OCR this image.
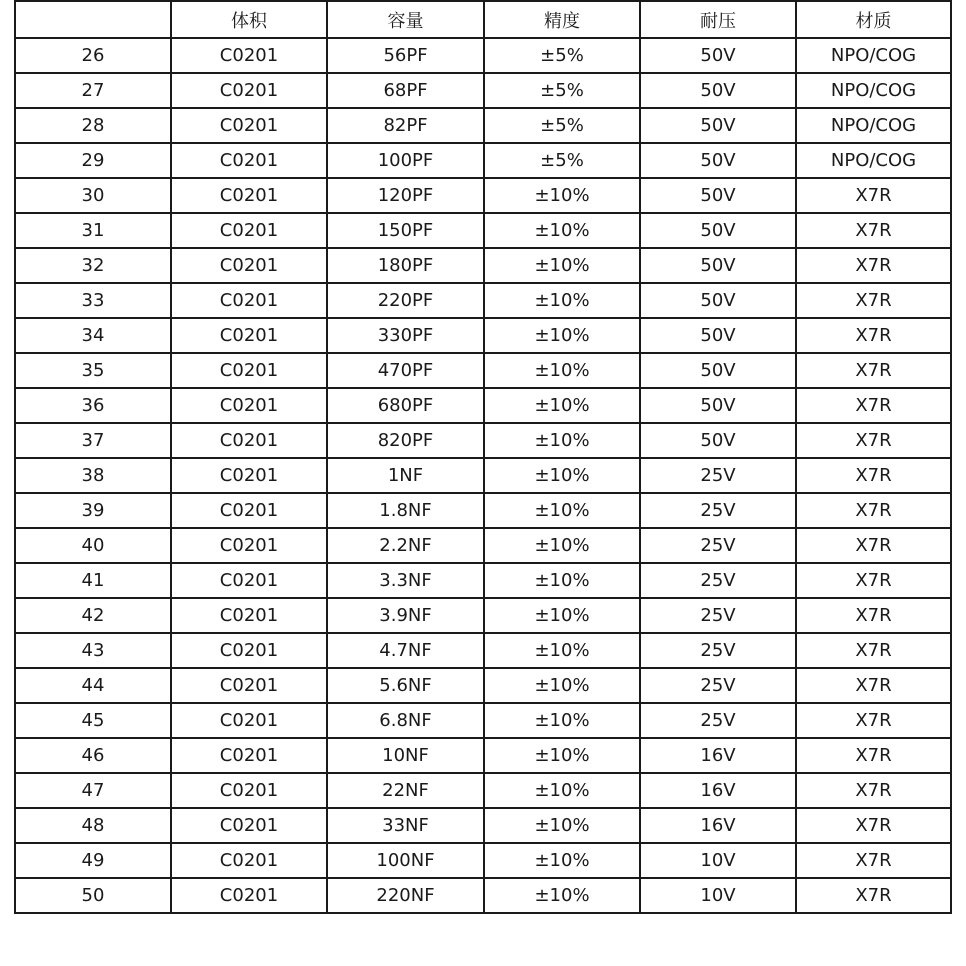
	体积	容量	精度	耐压	材质
26	C0201	56PF	±5%	50V	NPO/COG
27	C0201	68PF	±5%	50V	NPO/COG
28	C0201	82PF	±5%	50V	NPO/COG
29	C0201	100PF	±5%	50V	NPO/COG
30	C0201	120PF	±10%	50V	X7R
31	C0201	150PF	±10%	50V	X7R
32	C0201	180PF	±10%	50V	X7R
33	C0201	220PF	±10%	50V	X7R
34	C0201	330PF	±10%	50V	X7R
35	C0201	470PF	±10%	50V	X7R
36	C0201	680PF	±10%	50V	X7R
37	C0201	820PF	±10%	50V	X7R
38	C0201	1NF	±10%	25V	X7R
39	C0201	1.8NF	±10%	25V	X7R
40	C0201	2.2NF	±10%	25V	X7R
41	C0201	3.3NF	±10%	25V	X7R
42	C0201	3.9NF	±10%	25V	X7R
43	C0201	4.7NF	±10%	25V	X7R
44	C0201	5.6NF	±10%	25V	X7R
45	C0201	6.8NF	±10%	25V	X7R
46	C0201	10NF	±10%	16V	X7R
47	C0201	22NF	±10%	16V	X7R
48	C0201	33NF	±10%	16V	X7R
49	C0201	100NF	±10%	10V	X7R
50	C0201	220NF	±10%	10V	X7R
